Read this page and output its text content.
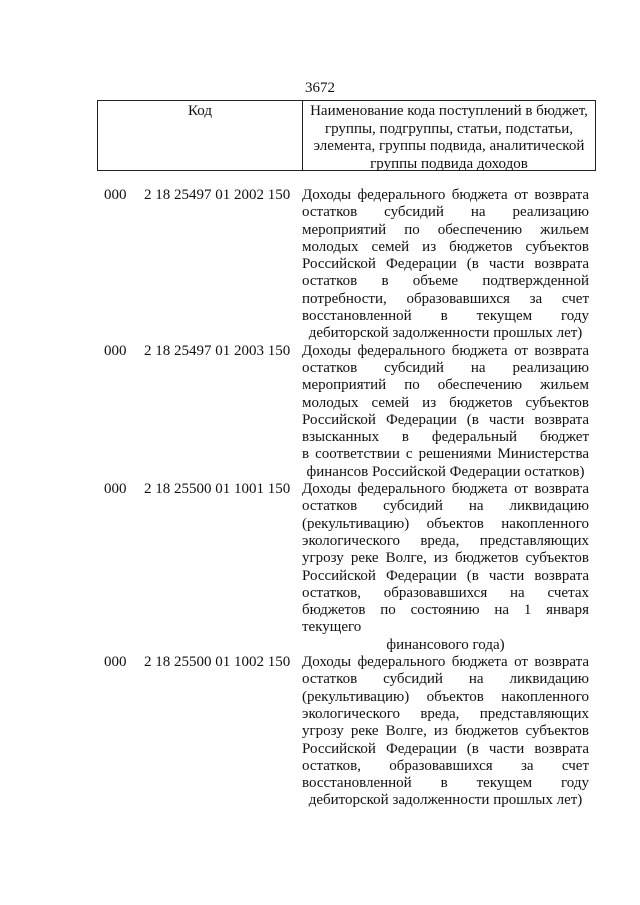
3672
Код	Наименование кода поступлений в бюджет,
группы, подгруппы, статьи, подстатьи,
элемента, группы подвида, аналитической
группы подвида доходов
000 2 18 25497 01 2002 150 Доходы федерального бюджета от возврата
остатков субсидий на реализацию
мероприятий по обеспечению жильем
молодых семей из бюджетов субъектов
Российской Федерации (в части возврата
остатков в объеме подтвержденной
потребности, образовавшихся за счет
восстановленной в текущем году
дебиторской задолженности прошлых лет)
000 2 18 25497 01 2003 150 Доходы федерального бюджета от возврата
остатков субсидий на реализацию
мероприятий по обеспечению жильем
молодых семей из бюджетов субъектов
Российской Федерации (в части возврата
взысканных в федеральный бюджет
в соответствии с решениями Министерства
финансов Российской Федерации остатков)
000 2 18 25500 01 1001 150 Доходы федерального бюджета от возврата
остатков субсидий на ликвидацию
(рекультивацию) объектов накопленного
экологического вреда, представляющих
угрозу реке Волге, из бюджетов субъектов
Российской Федерации (в части возврата
остатков, образовавшихся на счетах
бюджетов по состоянию на 1 января текущего
финансового года)
000 2 18 25500 01 1002 150 Доходы федерального бюджета от возврата
остатков субсидий на ликвидацию
(рекультивацию) объектов накопленного
экологического вреда, представляющих
угрозу реке Волге, из бюджетов субъектов
Российской Федерации (в части возврата
остатков, образовавшихся за счет
восстановленной в текущем году
дебиторской задолженности прошлых лет)
